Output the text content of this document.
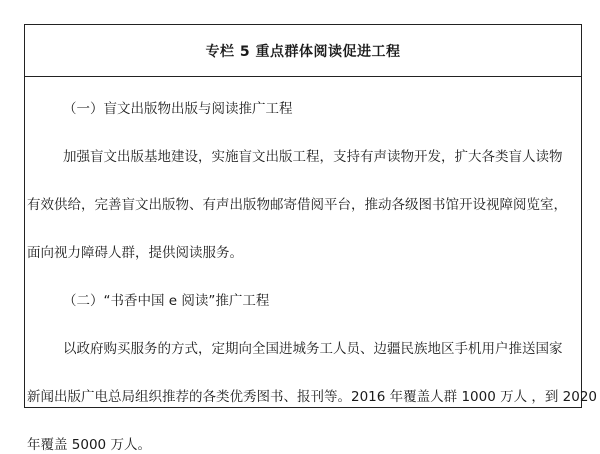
专栏 5 重点群体阅读促进工程
（一）盲文出版物出版与阅读推广工程
加强盲文出版基地建设，实施盲文出版工程，支持有声读物开发，扩大各类盲人读物
有效供给，完善盲文出版物、有声出版物邮寄借阅平台，推动各级图书馆开设视障阅览室，
面向视力障碍人群，提供阅读服务。
（二）“书香中国 e 阅读”推广工程
以政府购买服务的方式，定期向全国进城务工人员、边疆民族地区手机用户推送国家
新闻出版广电总局组织推荐的各类优秀图书、报刊等。2016 年覆盖人群 1000 万人 ，到 2020
年覆盖 5000 万人。
